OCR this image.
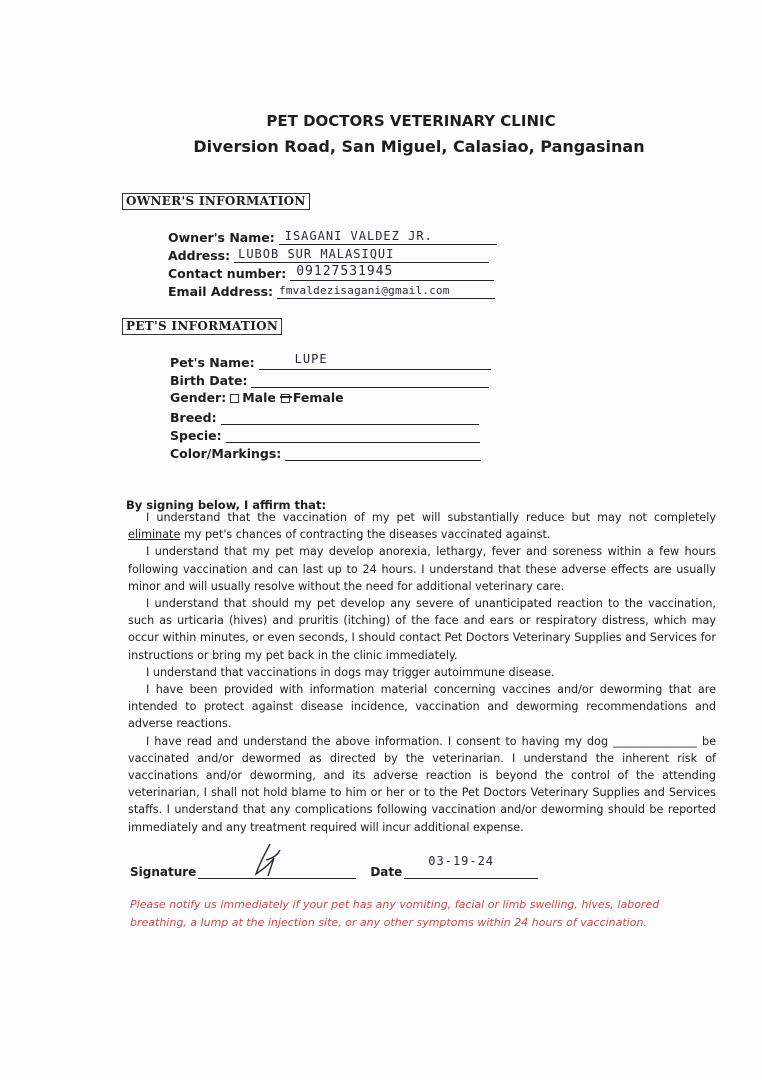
PET DOCTORS VETERINARY CLINIC
Diversion Road, San Miguel, Calasiao, Pangasinan
OWNER'S INFORMATION
Owner's Name: ISAGANI VALDEZ JR.
Address: LUBOB SUR MALASIQUI
Contact number: 09127531945
Email Address: fmvaldezisagani@gmail.com
PET'S INFORMATION
Pet's Name:	LUPE
Birth Date:
Gender: Male Female
Breed:
Specie:
Color/Markings:
By signing below, I affirm that:

I understand that the vaccination of my pet will substantially reduce but may not completely eliminate my pet's chances of contracting the diseases vaccinated against.

I understand that my pet may develop anorexia, lethargy, fever and soreness within a few hours following vaccination and can last up to 24 hours. I understand that these adverse effects are usually minor and will usually resolve without the need for additional veterinary care.

I understand that should my pet develop any severe of unanticipated reaction to the vaccination, such as urticaria (hives) and pruritis (itching) of the face and ears or respiratory distress, which may occur within minutes, or even seconds, I should contact Pet Doctors Veterinary Supplies and Services for instructions or bring my pet back in the clinic immediately.

I understand that vaccinations in dogs may trigger autoimmune disease.

I have been provided with information material concerning vaccines and/or deworming that are intended to protect against disease incidence, vaccination and deworming recommendations and adverse reactions.

I have read and understand the above information. I consent to having my dog _______________ be vaccinated and/or dewormed as directed by the veterinarian. I understand the inherent risk of vaccinations and/or deworming, and its adverse reaction is beyond the control of the attending veterinarian, I shall not hold blame to him or her or to the Pet Doctors Veterinary Supplies and Services staffs. I understand that any complications following vaccination and/or deworming should be reported immediately and any treatment required will incur additional expense.

Signature	Date
03-19-24
Please notify us immediately if your pet has any vomiting, facial or limb swelling, hives, labored breathing, a lump at the injection site, or any other symptoms within 24 hours of vaccination.
